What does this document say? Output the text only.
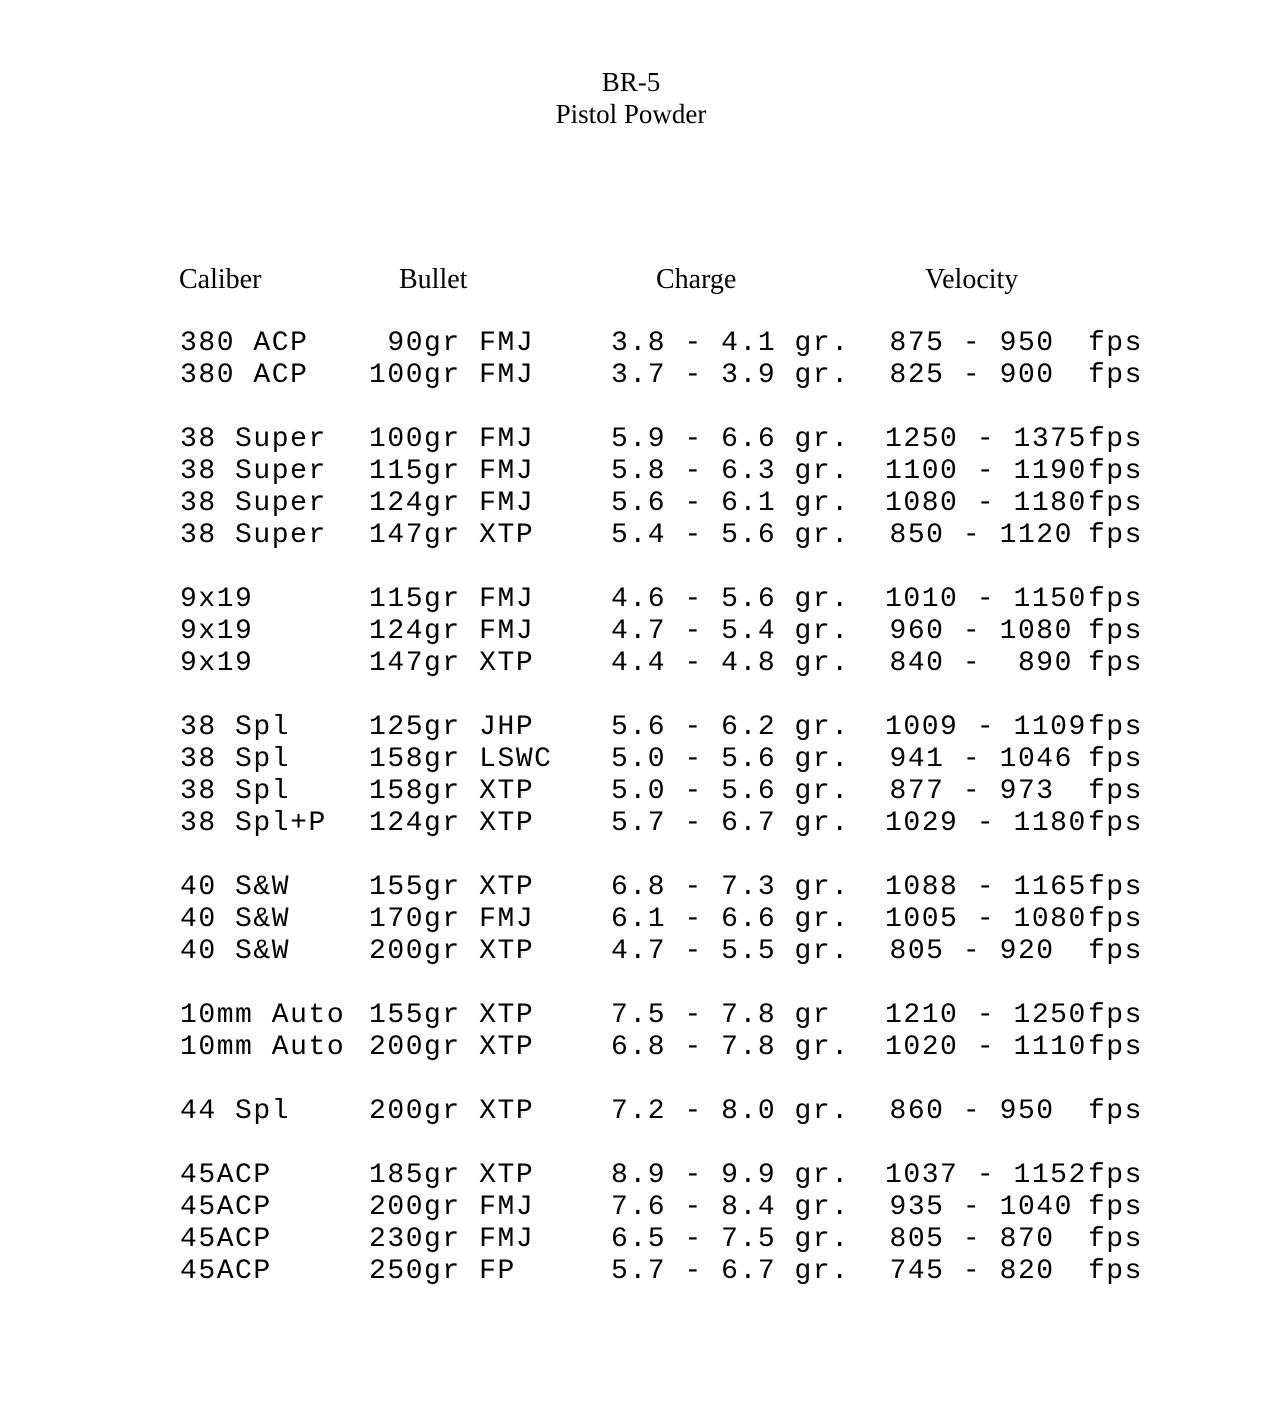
BR-5
Pistol Powder
Caliber	Bullet	Charge	Velocity
380 ACP 90gr FMJ	3.8 - 4.1 gr. 875 - 950 fps
380 ACP 100gr FMJ	3.7 - 3.9 gr. 825 - 900 fps
38 Super 100gr FMJ	5.9 - 6.6 gr. 1250 - 1375fps
38 Super 115gr FMJ	5.8 - 6.3 gr. 1100 - 1190fps
38 Super 124gr FMJ	5.6 - 6.1 gr. 1080 - 1180fps
38 Super 147gr XTP	5.4 - 5.6 gr. 850 - 1120 fps
9x19	115gr FMJ	4.6 - 5.6 gr. 1010 - 1150fps
9x19	124gr FMJ	4.7 - 5.4 gr. 960 - 1080 fps
9x19	147gr XTP	4.4 - 4.8 gr. 840 -  890 fps
38 Spl	125gr JHP	5.6 - 6.2 gr. 1009 - 1109fps
38 Spl	158gr LSWC 5.0 - 5.6 gr. 941 - 1046 fps
38 Spl	158gr XTP	5.0 - 5.6 gr. 877 - 973 fps
38 Spl+P 124gr XTP	5.7 - 6.7 gr. 1029 - 1180fps
40 S&W	155gr XTP	6.8 - 7.3 gr. 1088 - 1165fps
40 S&W	170gr FMJ	6.1 - 6.6 gr. 1005 - 1080fps
40 S&W	200gr XTP	4.7 - 5.5 gr. 805 - 920 fps
10mm Auto 155gr XTP	7.5 - 7.8 gr 1210 - 1250fps
10mm Auto 200gr XTP	6.8 - 7.8 gr. 1020 - 1110fps
44 Spl	200gr XTP	7.2 - 8.0 gr. 860 - 950 fps
45ACP	185gr XTP	8.9 - 9.9 gr. 1037 - 1152fps
45ACP	200gr FMJ	7.6 - 8.4 gr. 935 - 1040 fps
45ACP	230gr FMJ	6.5 - 7.5 gr. 805 - 870 fps
45ACP	250gr FP	5.7 - 6.7 gr. 745 - 820 fps
